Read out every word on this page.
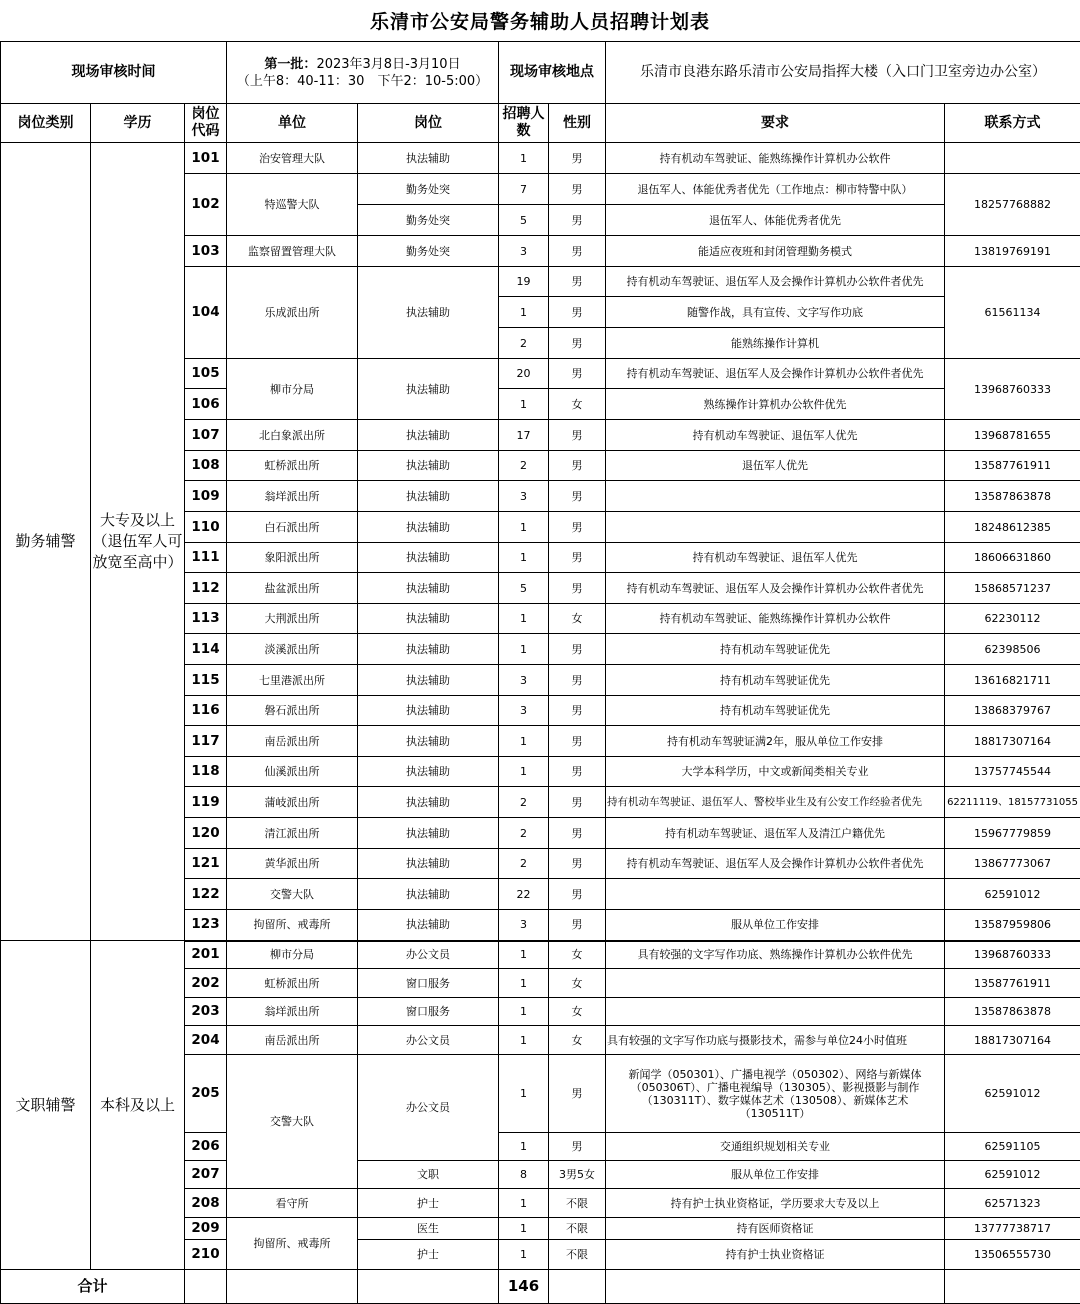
乐清市公安局警务辅助人员招聘计划表
现场审核时间			第一批：2023年3月8日-3月10日
（上午8：40-11：30　下午2：10-5:00）		现场审核地点		乐清市良港东路乐清市公安局指挥大楼（入口门卫室旁边办公室）	
岗位类别	学历	岗位代码	单位	岗位	招聘人数	性别	要求	联系方式
勤务辅警	大专及以上（退伍军人可放宽至高中）	101	治安管理大队	执法辅助	1	男	持有机动车驾驶证、能熟练操作计算机办公软件	
		102	特巡警大队	勤务处突	7	男	退伍军人、体能优秀者优先（工作地点：柳市特警中队）	18257768882
				勤务处突	5	男	退伍军人、体能优秀者优先	
		103	监察留置管理大队	勤务处突	3	男	能适应夜班和封闭管理勤务模式	13819769191
		104	乐成派出所	执法辅助	19	男	持有机动车驾驶证、退伍军人及会操作计算机办公软件者优先	61561134
					1	男	随警作战，具有宣传、文字写作功底	
					2	男	能熟练操作计算机	
		105	柳市分局	执法辅助	20	男	持有机动车驾驶证、退伍军人及会操作计算机办公软件者优先	13968760333
		106			1	女	熟练操作计算机办公软件优先	
		107	北白象派出所	执法辅助	17	男	持有机动车驾驶证、退伍军人优先	13968781655
		108	虹桥派出所	执法辅助	2	男	退伍军人优先	13587761911
		109	翁垟派出所	执法辅助	3	男		13587863878
		110	白石派出所	执法辅助	1	男		18248612385
		111	象阳派出所	执法辅助	1	男	持有机动车驾驶证、退伍军人优先	18606631860
		112	盐盆派出所	执法辅助	5	男	持有机动车驾驶证、退伍军人及会操作计算机办公软件者优先	15868571237
		113	大荆派出所	执法辅助	1	女	持有机动车驾驶证、能熟练操作计算机办公软件	62230112
		114	淡溪派出所	执法辅助	1	男	持有机动车驾驶证优先	62398506
		115	七里港派出所	执法辅助	3	男	持有机动车驾驶证优先	13616821711
		116	磐石派出所	执法辅助	3	男	持有机动车驾驶证优先	13868379767
		117	南岳派出所	执法辅助	1	男	持有机动车驾驶证满2年，服从单位工作安排	18817307164
		118	仙溪派出所	执法辅助	1	男	大学本科学历，中文或新闻类相关专业	13757745544
		119	蒲岐派出所	执法辅助	2	男	持有机动车驾驶证、退伍军人、警校毕业生及有公安工作经验者优先	62211119、18157731055
		120	清江派出所	执法辅助	2	男	持有机动车驾驶证、退伍军人及清江户籍优先	15967779859
		121	黄华派出所	执法辅助	2	男	持有机动车驾驶证、退伍军人及会操作计算机办公软件者优先	13867773067
		122	交警大队	执法辅助	22	男		62591012
		123	拘留所、戒毒所	执法辅助	3	男	服从单位工作安排	13587959806
文职辅警	本科及以上	201	柳市分局	办公文员	1	女	具有较强的文字写作功底、熟练操作计算机办公软件优先	13968760333
		202	虹桥派出所	窗口服务	1	女		13587761911
		203	翁垟派出所	窗口服务	1	女		13587863878
		204	南岳派出所	办公文员	1	女	具有较强的文字写作功底与摄影技术，需参与单位24小时值班	18817307164
		205	交警大队	办公文员	1	男	新闻学（050301）、广播电视学（050302）、网络与新媒体（050306T）、广播电视编导（130305）、影视摄影与制作（130311T）、数字媒体艺术（130508）、新媒体艺术（130511T）	62591012
		206			1	男	交通组织规划相关专业	62591105
		207		文职	8	3男5女	服从单位工作安排	62591012
		208	看守所	护士	1	不限	持有护士执业资格证，学历要求大专及以上	62571323
		209	拘留所、戒毒所	医生	1	不限	持有医师资格证	13777738717
		210		护士	1	不限	持有护士执业资格证	13506555730
合计					146			
